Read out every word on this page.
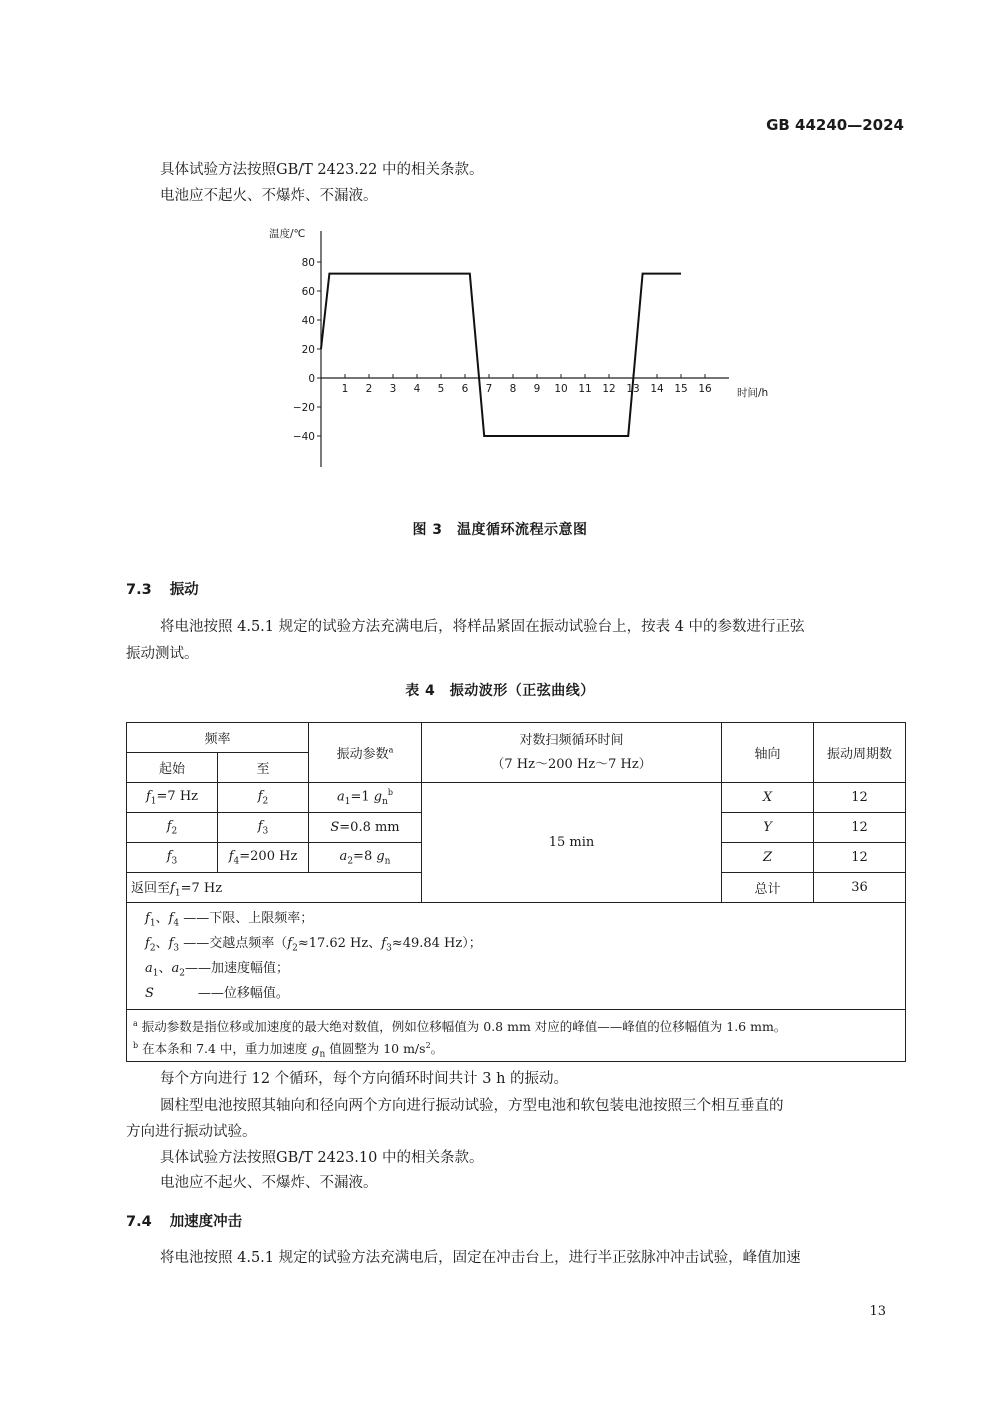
GB 44240—2024
具体试验方法按照GB/T 2423.22 中的相关条款。
电池应不起火、不爆炸、不漏液。
80
60
40
20
0
−20
−40
1 2 3 4 5 6 7 8 9 10 11 12 13 14 15 16
温度/℃
时间/h
图 3　温度循环流程示意图
7.3 振动
将电池按照 4.5.1 规定的试验方法充满电后，将样品紧固在振动试验台上，按表 4 中的参数进行正弦
振动测试。
表 4　振动波形（正弦曲线）
频率		振动参数$^a$	对数扫频循环时间
（7 Hz～200 Hz～7 Hz）	轴向	振动周期数
起始	至				
$f_1=7$ Hz	$f_2$	$a_1=1$ $g_n^b$	15 min	X	12
$f_2$	$f_3$	S=0.8 mm		Y	12
$f_3$	$f_4=200$ Hz	$a_2=8$ $g_n$		Z	12
返回至$f_1=7$ Hz				总计	36

$f_1$、$f_4$ ——下限、上限频率；
$f_2$、$f_3$ ——交越点频率（$f_2\approx 17.62$ Hz、$f_3\approx 49.84$ Hz）；
$a_1$、$a_2——$加速度幅值；
S ——位移幅值。					

$^a$ 振动参数是指位移或加速度的最大绝对数值，例如位移幅值为 0.8 mm 对应的峰值——峰值的位移幅值为 1.6 mm。
$^b$ 在本条和 7.4 中，重力加速度 $g_n$ 值圆整为 10 $m/s^2$。					
每个方向进行 12 个循环，每个方向循环时间共计 3 h 的振动。
圆柱型电池按照其轴向和径向两个方向进行振动试验，方型电池和软包装电池按照三个相互垂直的
方向进行振动试验。
具体试验方法按照GB/T 2423.10 中的相关条款。
电池应不起火、不爆炸、不漏液。
7.4 加速度冲击
将电池按照 4.5.1 规定的试验方法充满电后，固定在冲击台上，进行半正弦脉冲冲击试验，峰值加速
13
